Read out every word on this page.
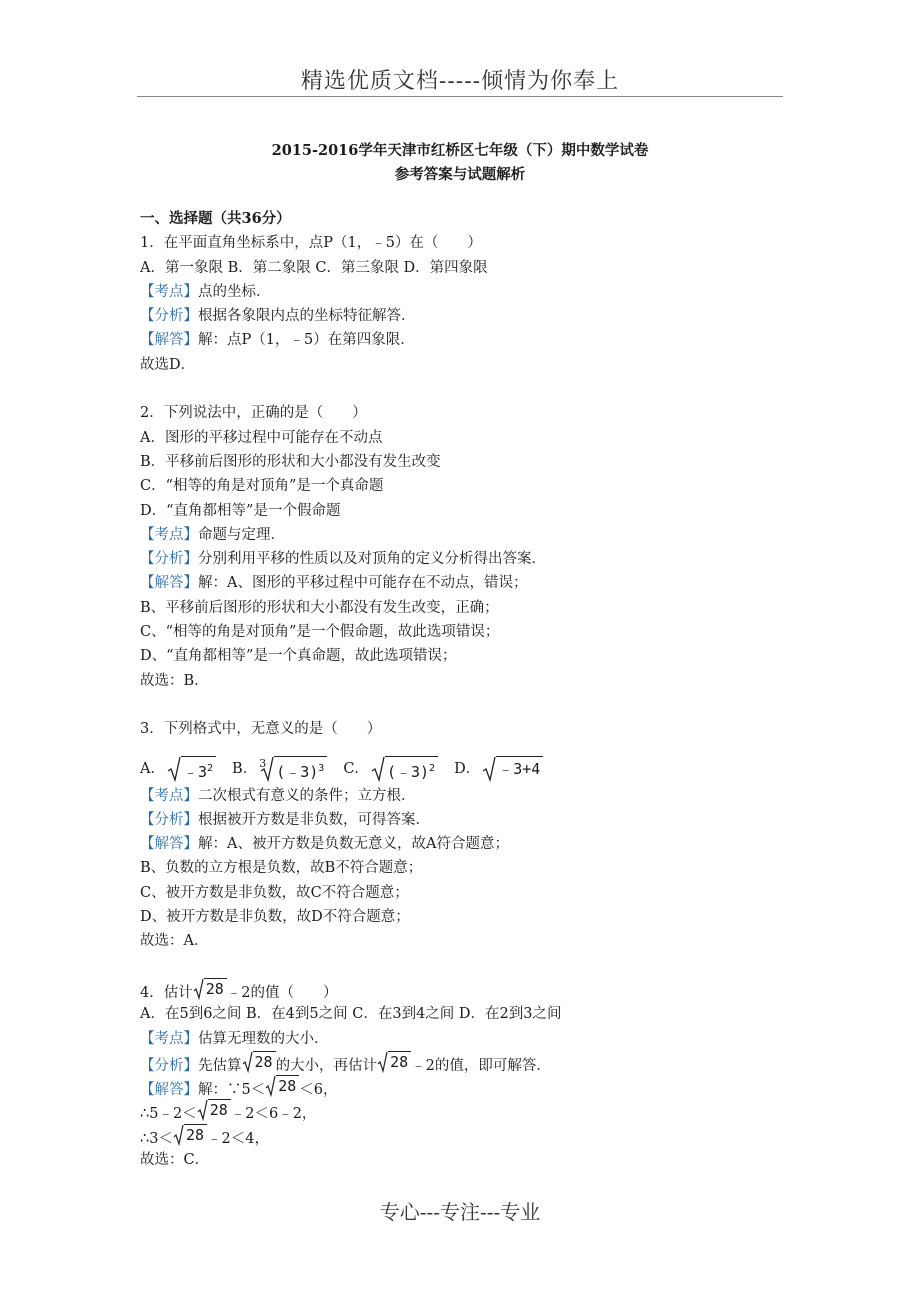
精选优质文档-----倾情为你奉上
2015-2016学年天津市红桥区七年级（下）期中数学试卷
参考答案与试题解析
一、选择题（共36分）
1．在平面直角坐标系中，点P（1，﹣5）在（　　）
A．第一象限 B．第二象限 C．第三象限 D．第四象限
【考点】点的坐标．
【分析】根据各象限内点的坐标特征解答．
【解答】解：点P（1，﹣5）在第四象限．
故选D．
2．下列说法中，正确的是（　　）
A．图形的平移过程中可能存在不动点
B．平移前后图形的形状和大小都没有发生改变
C．“相等的角是对顶角”是一个真命题
D．“直角都相等”是一个假命题
【考点】命题与定理．
【分析】分别利用平移的性质以及对顶角的定义分析得出答案．
【解答】解：A、图形的平移过程中可能存在不动点，错误；
B、平移前后图形的形状和大小都没有发生改变，正确；
C、“相等的角是对顶角”是一个假命题，故此选项错误；
D、“直角都相等”是一个真命题，故此选项错误；
故选：B．
3．下列格式中，无意义的是（　　）
A． $﹣3^2$ B． 3 (﹣3)$^3$ C． (﹣3)$^2$ D． ﹣3+4
【考点】二次根式有意义的条件；立方根．
【分析】根据被开方数是非负数，可得答案．
【解答】解：A、被开方数是负数无意义，故A符合题意；
B、负数的立方根是负数，故B不符合题意；
C、被开方数是非负数，故C不符合题意；
D、被开方数是非负数，故D不符合题意；
故选：A．
4．估计 28 ﹣2的值（　　）
A．在5到6之间 B．在4到5之间 C．在3到4之间 D．在2到3之间
【考点】估算无理数的大小．
【分析】先估算 28 的大小，再估计 28 ﹣2的值，即可解答．
【解答】解：∵5＜ 28 ＜6，
∴5﹣2＜ 28 ﹣2＜6﹣2，
∴3＜ 28 ﹣2＜4，
故选：C．
专心---专注---专业
